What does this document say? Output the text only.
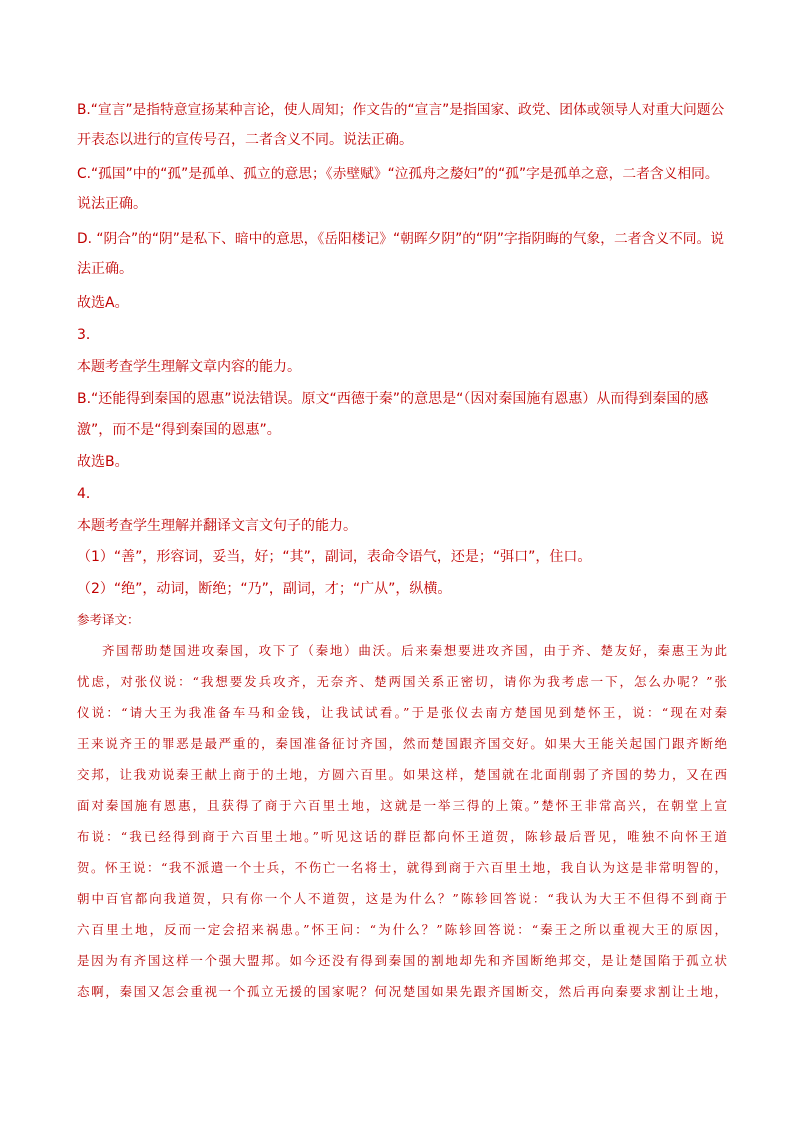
B.“宣言”是指特意宣扬某种言论，使人周知；作文告的“宣言”是指国家、政党、团体或领导人对重大问题公
开表态以进行的宣传号召，二者含义不同。说法正确。
C.“孤国”中的“孤”是孤单、孤立的意思；《赤壁赋》“泣孤舟之嫠妇”的“孤”字是孤单之意，二者含义相同。
说法正确。
D. “阴合”的“阴”是私下、暗中的意思，《岳阳楼记》“朝晖夕阴”的“阴”字指阴晦的气象，二者含义不同。说
法正确。
故选A。
3．
本题考查学生理解文章内容的能力。
B.“还能得到秦国的恩惠”说法错误。原文“西德于秦”的意思是“（因对秦国施有恩惠）从而得到秦国的感
激”，而不是“得到秦国的恩惠”。
故选B。
4．
本题考查学生理解并翻译文言文句子的能力。
（1）“善”，形容词，妥当，好；“其”，副词，表命令语气，还是；“弭口”，住口。
（2）“绝”，动词，断绝；“乃”，副词，才；“广从”，纵横。
参考译文：
齐国帮助楚国进攻秦国，攻下了（秦地）曲沃。后来秦想要进攻齐国，由于齐、楚友好，秦惠王为此
忧虑，对张仪说：“我想要发兵攻齐，无奈齐、楚两国关系正密切，请你为我考虑一下，怎么办呢？”张
仪说：“请大王为我准备车马和金钱，让我试试看。”于是张仪去南方楚国见到楚怀王，说：“现在对秦
王来说齐王的罪恶是最严重的，秦国准备征讨齐国，然而楚国跟齐国交好。如果大王能关起国门跟齐断绝
交邦，让我劝说秦王献上商于的土地，方圆六百里。如果这样，楚国就在北面削弱了齐国的势力，又在西
面对秦国施有恩惠，且获得了商于六百里土地，这就是一举三得的上策。”楚怀王非常高兴，在朝堂上宣
布说：“我已经得到商于六百里土地。”听见这话的群臣都向怀王道贺，陈轸最后晋见，唯独不向怀王道
贺。怀王说：“我不派遣一个士兵，不伤亡一名将士，就得到商于六百里土地，我自认为这是非常明智的，
朝中百官都向我道贺，只有你一个人不道贺，这是为什么？”陈轸回答说：“我认为大王不但得不到商于
六百里土地，反而一定会招来祸患。”怀王问：“为什么？”陈轸回答说：“秦王之所以重视大王的原因，
是因为有齐国这样一个强大盟邦。如今还没有得到秦国的割地却先和齐国断绝邦交，是让楚国陷于孤立状
态啊，秦国又怎会重视一个孤立无援的国家呢？何况楚国如果先跟齐国断交，然后再向秦要求割让土地，
